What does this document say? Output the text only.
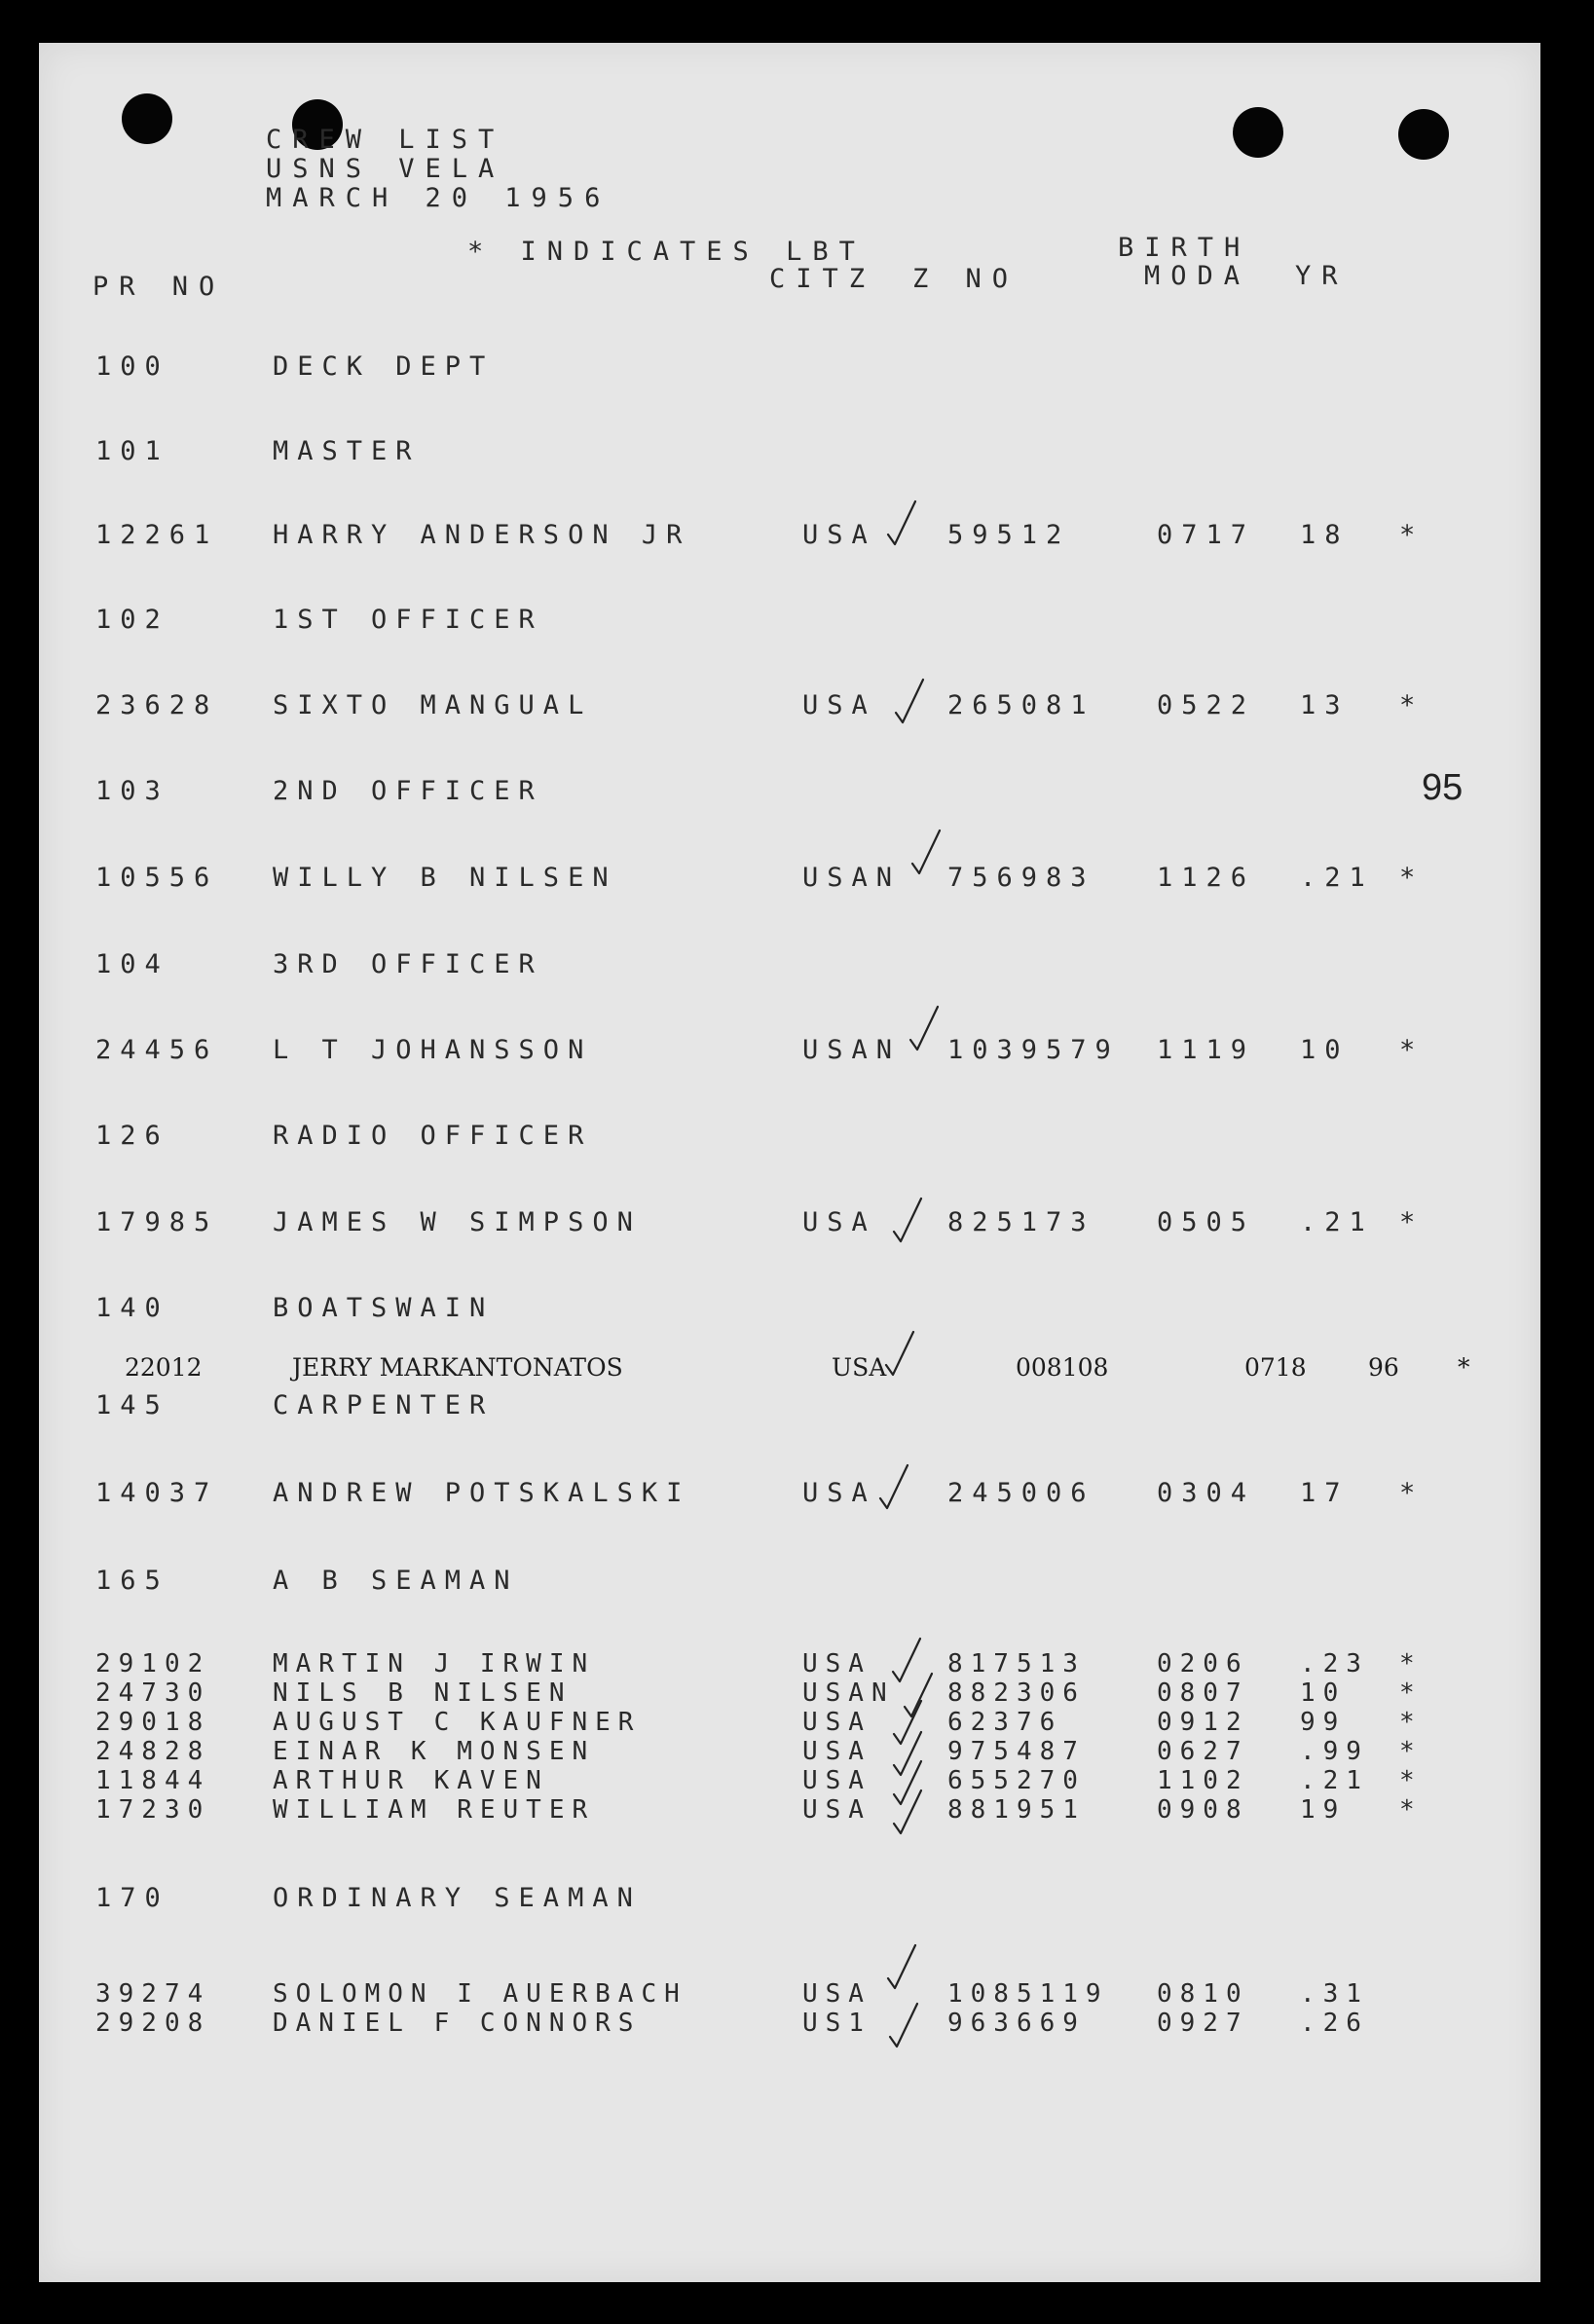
CREW LIST
USNS VELA
MARCH 20 1956
* INDICATES LBT	BIRTH
PR NO	CITZ Z NO	MODA YR
95
100	DECK DEPT
101	MASTER
12261 HARRY ANDERSON JR	USA	59512	0717 18 *
102	1ST OFFICER
23628 SIXTO MANGUAL	USA	265081 0522 13 *
103	2ND OFFICER
10556 WILLY B NILSEN	USAN 756983 1126 .21 *
104	3RD OFFICER
24456 L T JOHANSSON	USAN 1039579 1119 10 *
126	RADIO OFFICER
17985 JAMES W SIMPSON	USA	825173 0505 .21 *
140	BOATSWAIN
22012	JERRY MARKANTONATOS	USA	008108	0718	96 *
145	CARPENTER
14037 ANDREW POTSKALSKI	USA	245006 0304 17 *
165	A B SEAMAN
29102 MARTIN J IRWIN	USA	817513	0206 .23 *
24730 NILS B NILSEN	USAN 882306	0807 10 *
29018 AUGUST C KAUFNER	USA	62376	0912 99 *
24828 EINAR K MONSEN	USA	975487	0627 .99 *
11844 ARTHUR KAVEN	USA	655270	1102 .21 *
17230 WILLIAM REUTER	USA	881951	0908 19 *
170	ORDINARY SEAMAN
39274 SOLOMON I AUERBACH	USA	1085119 0810 .31
29208 DANIEL F CONNORS	US1	963669	0927 .26
